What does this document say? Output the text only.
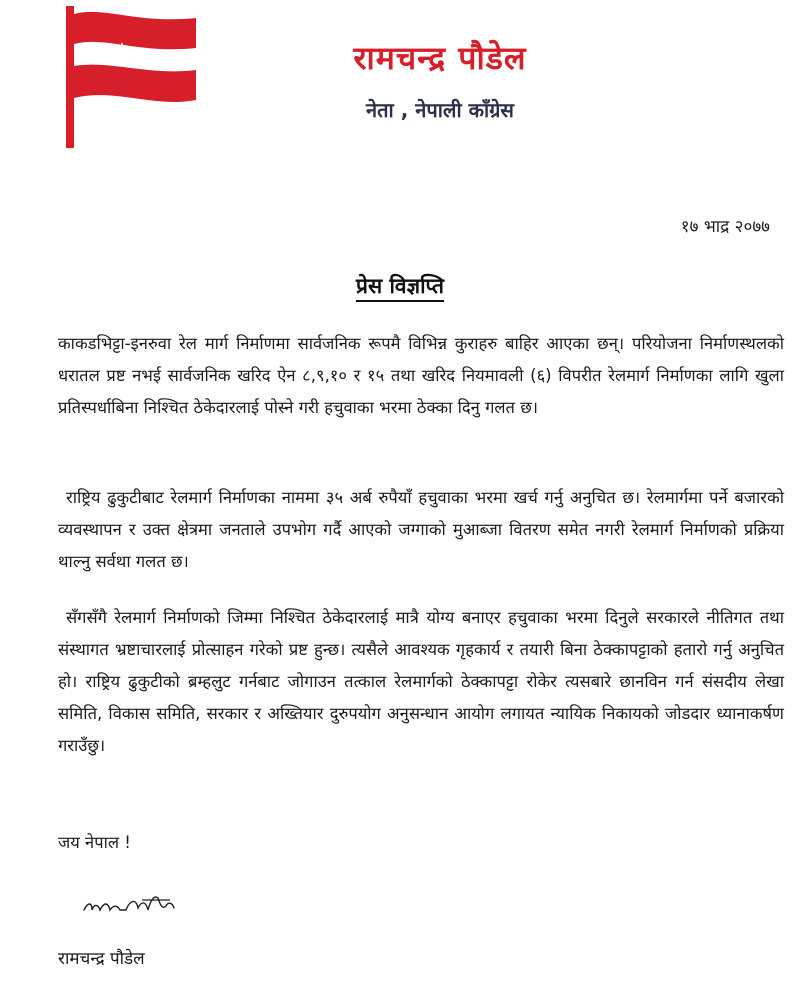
रामचन्द्र पौडेल
नेता , नेपाली काँग्रेस
१७ भाद्र २०७७
प्रेस विज्ञप्ति

काकडभिट्टा-इनरुवा रेल मार्ग निर्माणमा सार्वजनिक रूपमै विभिन्न कुराहरु बाहिर आएका छन्। परियोजना निर्माणस्थलको धरातल प्रष्ट नभई सार्वजनिक खरिद ऐन ८,९,१० र १५ तथा खरिद नियमावली (६) विपरीत रेलमार्ग निर्माणका लागि खुला प्रतिस्पर्धाबिना निश्चित ठेकेदारलाई पोस्ने गरी हचुवाका भरमा ठेक्का दिनु गलत छ।

राष्ट्रिय ढुकुटीबाट रेलमार्ग निर्माणका नाममा ३५ अर्ब रुपैयाँ हचुवाका भरमा खर्च गर्नु अनुचित छ। रेलमार्गमा पर्ने बजारको व्यवस्थापन र उक्त क्षेत्रमा जनताले उपभोग गर्दै आएको जग्गाको मुआब्जा वितरण समेत नगरी रेलमार्ग निर्माणको प्रक्रिया थाल्नु सर्वथा गलत छ।

सँगसँगै रेलमार्ग निर्माणको जिम्मा निश्चित ठेकेदारलाई मात्रै योग्य बनाएर हचुवाका भरमा दिनुले सरकारले नीतिगत तथा संस्थागत भ्रष्टाचारलाई प्रोत्साहन गरेको प्रष्ट हुन्छ। त्यसैले आवश्यक गृहकार्य र तयारी बिना ठेक्कापट्टाको हतारो गर्नु अनुचित हो। राष्ट्रिय ढुकुटीको ब्रम्हलुट गर्नबाट जोगाउन तत्काल रेलमार्गको ठेक्कापट्टा रोकेर त्यसबारे छानविन गर्न संसदीय लेखा समिति, विकास समिति, सरकार र अख्तियार दुरुपयोग अनुसन्धान आयोग लगायत न्यायिक निकायको जोडदार ध्यानाकर्षण गराउँछु।

जय नेपाल !
रामचन्द्र पौडेल
